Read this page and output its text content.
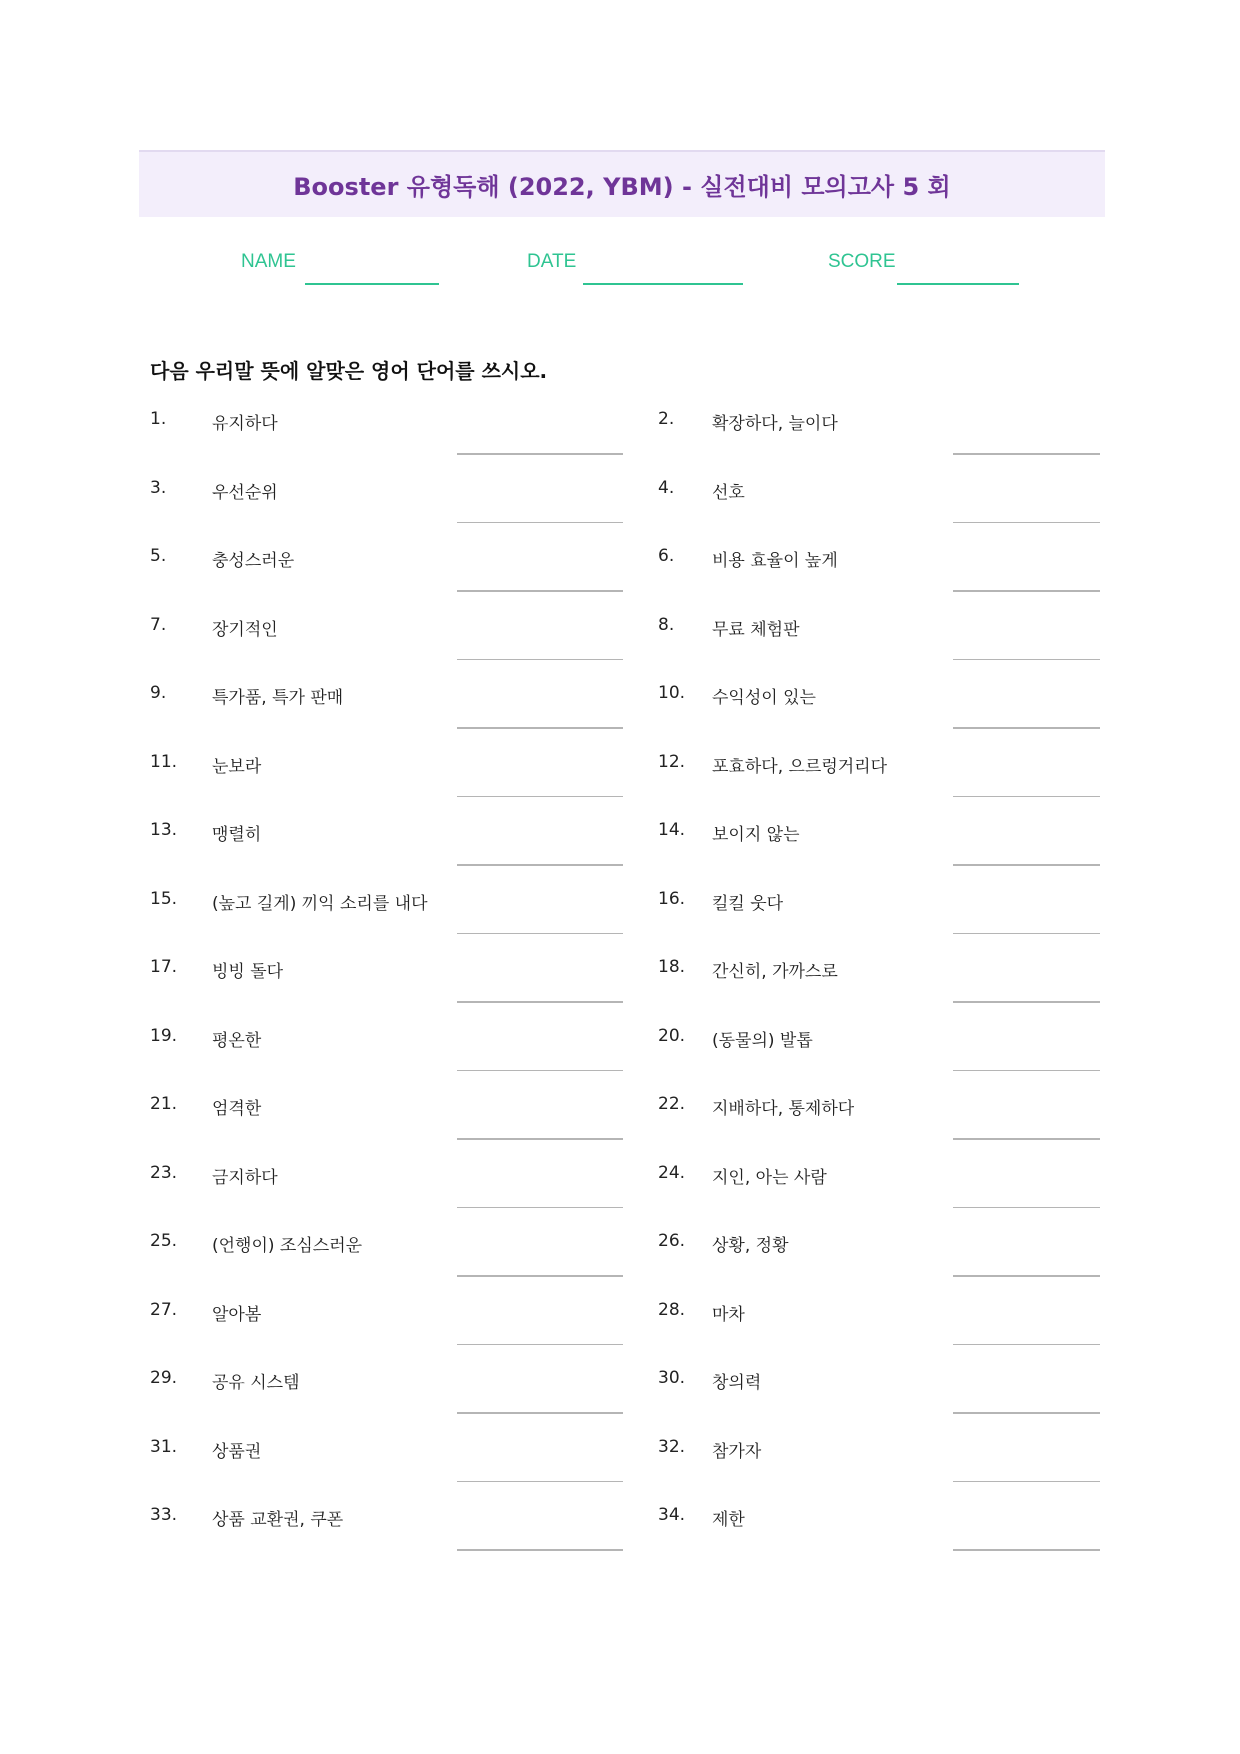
Booster 유형독해 (2022, YBM) - 실전대비 모의고사 5 회
NAME	DATE	SCORE
다음 우리말 뜻에 알맞은 영어 단어를 쓰시오.
1.	유지하다	2. 확장하다, 늘이다
3.	우선순위	4. 선호
5.	충성스러운	6. 비용 효율이 높게
7.	장기적인	8. 무료 체험판
9.	특가품, 특가 판매	10. 수익성이 있는
11. 눈보라	12. 포효하다, 으르렁거리다
13. 맹렬히	14. 보이지 않는
15. (높고 길게) 끼익 소리를 내다	16. 킬킬 웃다
17. 빙빙 돌다	18. 간신히, 가까스로
19. 평온한	20. (동물의) 발톱
21. 엄격한	22. 지배하다, 통제하다
23. 금지하다	24. 지인, 아는 사람
25. (언행이) 조심스러운	26. 상황, 정황
27. 알아봄	28. 마차
29. 공유 시스템	30. 창의력
31. 상품권	32. 참가자
33. 상품 교환권, 쿠폰	34. 제한
